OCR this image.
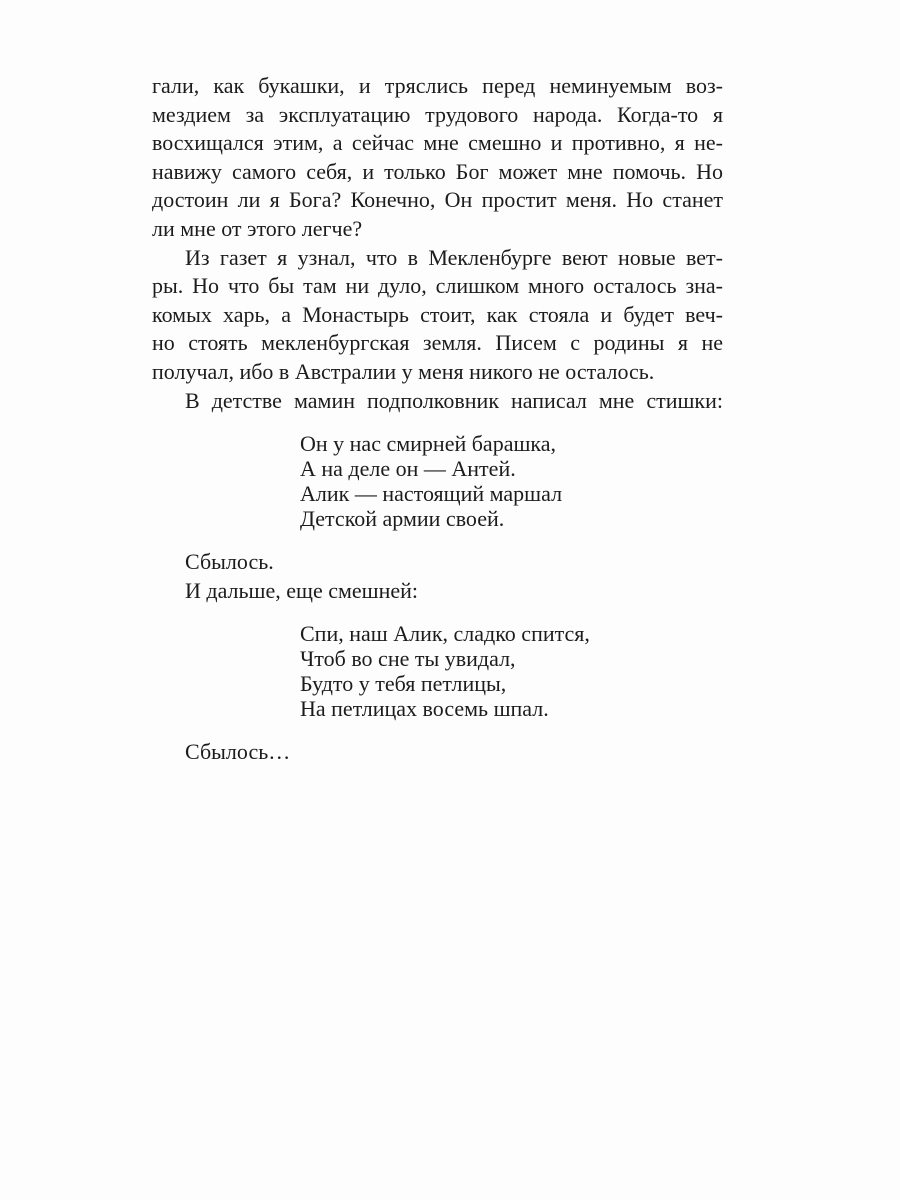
гали, как букашки, и тряслись перед неминуемым воз-
мездием за эксплуатацию трудового народа. Когда-то я
восхищался этим, а сейчас мне смешно и противно, я не-
навижу самого себя, и только Бог может мне помочь. Но
достоин ли я Бога? Конечно, Он простит меня. Но станет
ли мне от этого легче?
Из газет я узнал, что в Мекленбурге веют новые вет-
ры. Но что бы там ни дуло, слишком много осталось зна-
комых харь, а Монастырь стоит, как стояла и будет веч-
но стоять мекленбургская земля. Писем с родины я не
получал, ибо в Австралии у меня никого не осталось.
В детстве мамин подполковник написал мне стишки:
Он у нас смирней барашка,
А на деле он — Антей.
Алик — настоящий маршал
Детской армии своей.
Сбылось.
И дальше, еще смешней:
Спи, наш Алик, сладко спится,
Чтоб во сне ты увидал,
Будто у тебя петлицы,
На петлицах восемь шпал.
Сбылось…
